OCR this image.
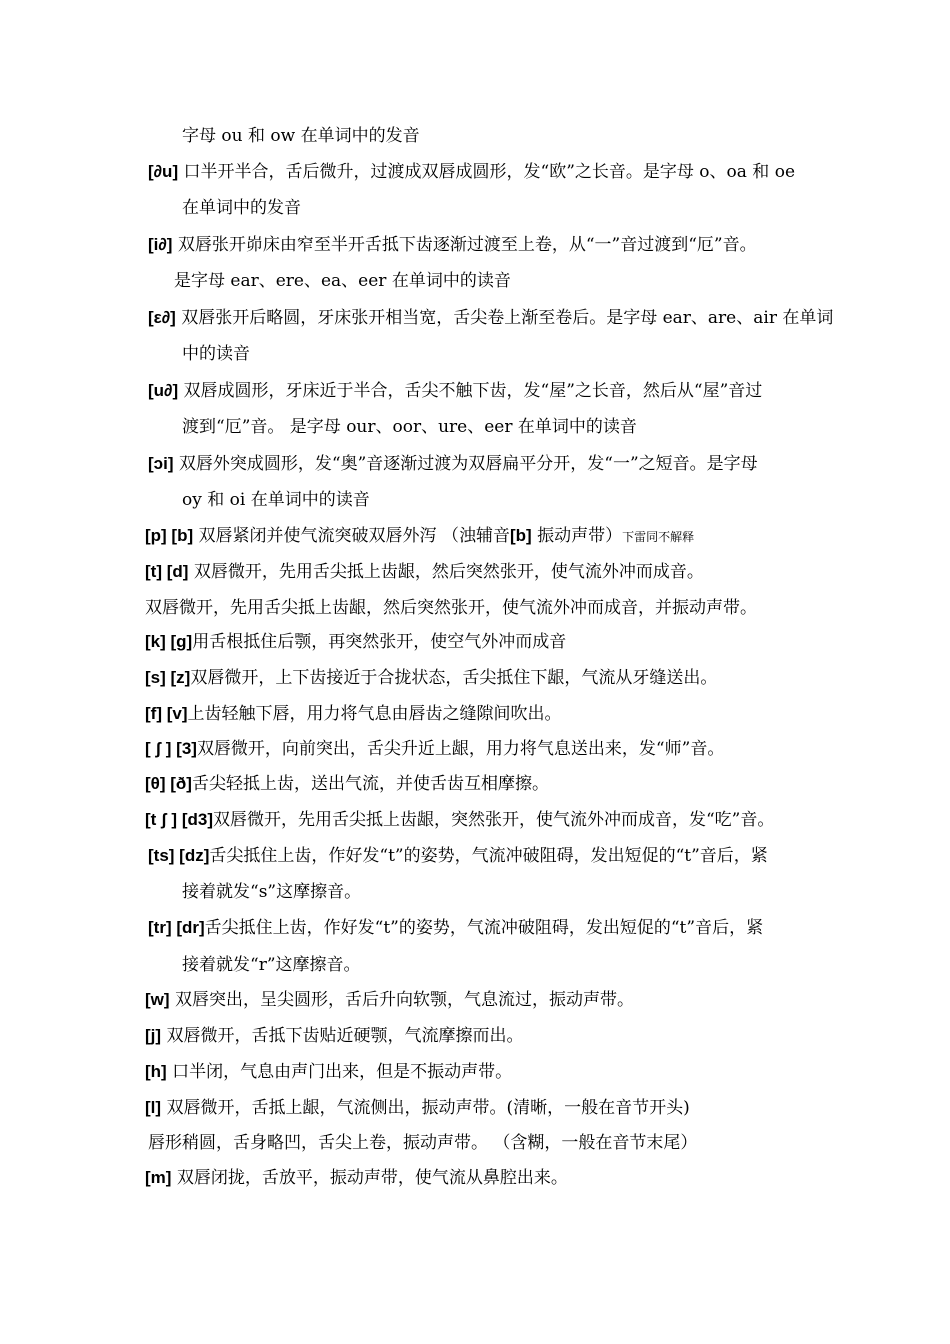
字母 ou 和 ow 在单词中的发音
[∂u] 口半开半合，舌后微升，过渡成双唇成圆形，发“欧”之长音。是字母 o、oa 和 oe
在单词中的发音
[i∂] 双唇张开峁床由窄至半开舌抵下齿逐渐过渡至上卷，从“一”音过渡到“厄”音。
是字母 ear、ere、ea、eer 在单词中的读音
[ε∂] 双唇张开后略圆，牙床张开相当宽，舌尖卷上渐至卷后。是字母 ear、are、air 在单词
中的读音
[u∂] 双唇成圆形，牙床近于半合，舌尖不触下齿，发“屋”之长音，然后从“屋”音过
渡到“厄”音。 是字母 our、oor、ure、eer 在单词中的读音
[ɔi] 双唇外突成圆形，发“奥”音逐渐过渡为双唇扁平分开，发“一”之短音。是字母
oy 和 oi 在单词中的读音
[p] [b] 双唇紧闭并使气流突破双唇外泻 （浊辅音[b] 振动声带）下雷同不解释
[t] [d] 双唇微开，先用舌尖抵上齿龈，然后突然张开，使气流外冲而成音。
双唇微开，先用舌尖抵上齿龈，然后突然张开，使气流外冲而成音，并振动声带。
[k] [g]用舌根抵住后颚，再突然张开，使空气外冲而成音
[s] [z]双唇微开，上下齿接近于合拢状态，舌尖抵住下龈，气流从牙缝送出。
[f] [v]上齿轻触下唇，用力将气息由唇齿之缝隙间吹出。
[ ʃ ] [3]双唇微开，向前突出，舌尖升近上龈，用力将气息送出来，发“师”音。
[θ] [ð]舌尖轻抵上齿，送出气流，并使舌齿互相摩擦。
[t ʃ ] [d3]双唇微开，先用舌尖抵上齿龈，突然张开，使气流外冲而成音，发“吃”音。
[ts] [dz]舌尖抵住上齿，作好发“t”的姿势，气流冲破阻碍，发出短促的“t”音后，紧
接着就发“s”这摩擦音。
[tr] [dr]舌尖抵住上齿，作好发“t”的姿势，气流冲破阻碍，发出短促的“t”音后，紧
接着就发“r”这摩擦音。
[w] 双唇突出，呈尖圆形，舌后升向软颚，气息流过，振动声带。
[j] 双唇微开，舌抵下齿贴近硬颚，气流摩擦而出。
[h] 口半闭，气息由声门出来，但是不振动声带。
[l] 双唇微开，舌抵上龈，气流侧出，振动声带。(清晰，一般在音节开头)
唇形稍圆，舌身略凹，舌尖上卷，振动声带。 （含糊，一般在音节末尾）
[m] 双唇闭拢，舌放平，振动声带，使气流从鼻腔出来。
